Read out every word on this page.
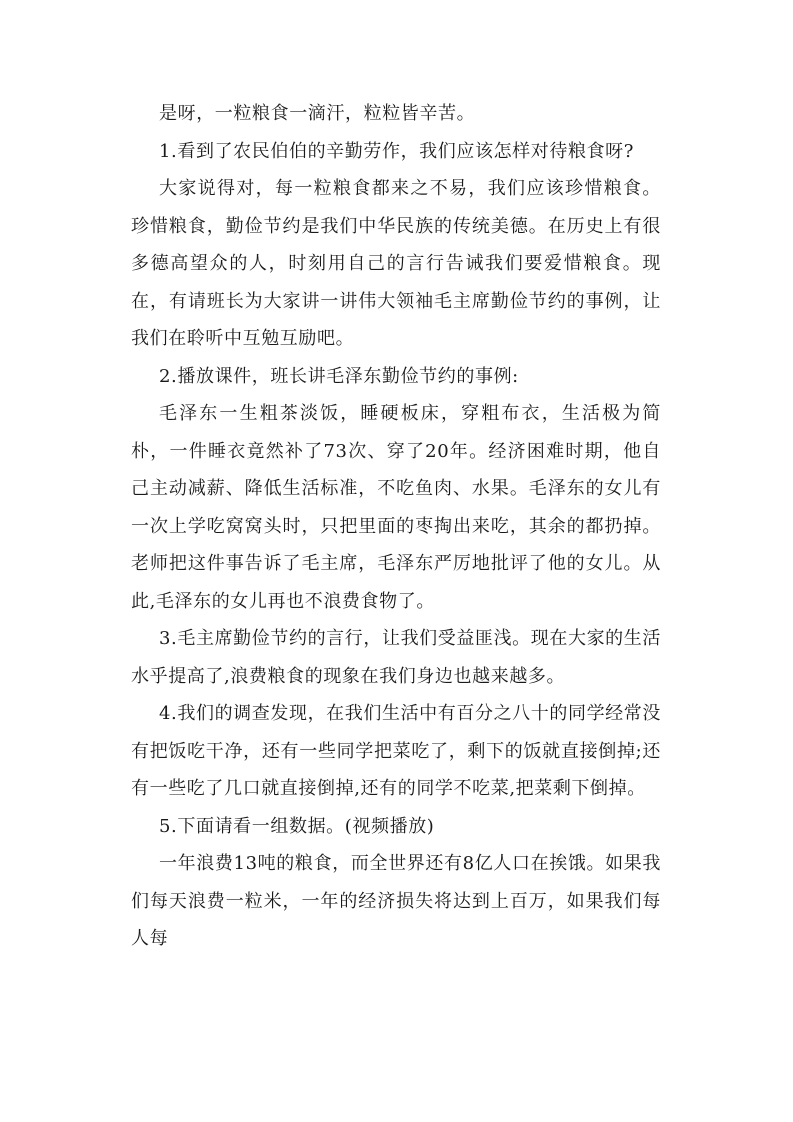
是呀，一粒粮食一滴汗，粒粒皆辛苦。

1.看到了农民伯伯的辛勤劳作，我们应该怎样对待粮食呀?

大家说得对，每一粒粮食都来之不易，我们应该珍惜粮食。珍惜粮食，勤俭节约是我们中华民族的传统美德。在历史上有很多德高望众的人，时刻用自己的言行告诫我们要爱惜粮食。现在，有请班长为大家讲一讲伟大领袖毛主席勤俭节约的事例，让我们在聆听中互勉互励吧。

2.播放课件，班长讲毛泽东勤俭节约的事例:

毛泽东一生粗茶淡饭，睡硬板床，穿粗布衣，生活极为简朴，一件睡衣竟然补了73次、穿了20年。经济困难时期，他自己主动减薪、降低生活标准，不吃鱼肉、水果。毛泽东的女儿有一次上学吃窝窝头时，只把里面的枣掏出来吃，其余的都扔掉。老师把这件事告诉了毛主席，毛泽东严厉地批评了他的女儿。从此,毛泽东的女儿再也不浪费食物了。

3.毛主席勤俭节约的言行，让我们受益匪浅。现在大家的生活水乎提高了,浪费粮食的现象在我们身边也越来越多。

4.我们的调查发现，在我们生活中有百分之八十的同学经常没有把饭吃干净，还有一些同学把菜吃了，剩下的饭就直接倒掉;还有一些吃了几口就直接倒掉,还有的同学不吃菜,把菜剩下倒掉。

5.下面请看一组数据。(视频播放)

一年浪费13吨的粮食，而全世界还有8亿人口在挨饿。如果我们每天浪费一粒米，一年的经济损失将达到上百万，如果我们每人每
